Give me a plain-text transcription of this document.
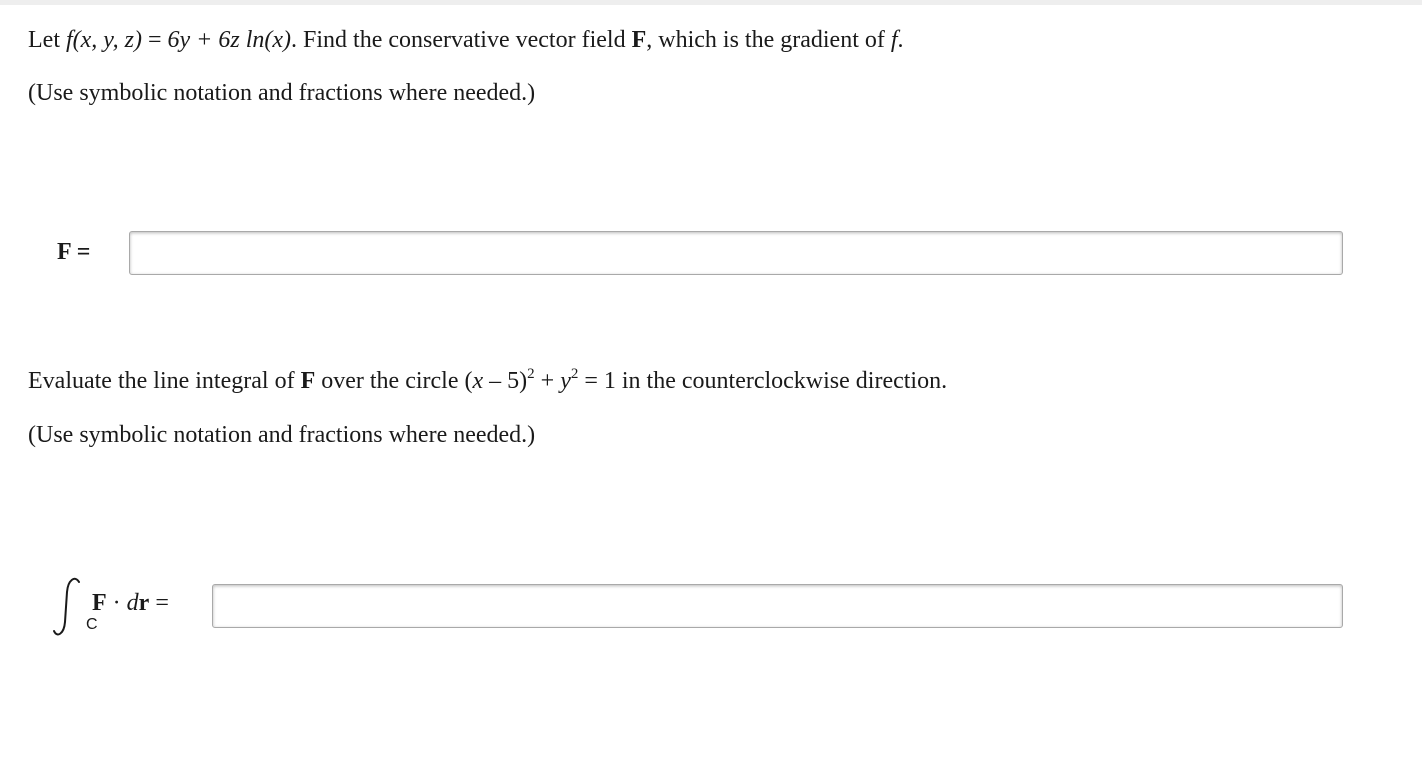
Let f(x, y, z) = 6y + 6z ln(x). Find the conservative vector field F, which is the gradient of f.
(Use symbolic notation and fractions where needed.)
F =
Evaluate the line integral of F over the circle $(x - 5)^2 + y^2 = 1$ in the counterclockwise direction.
(Use symbolic notation and fractions where needed.)
C
F · dr =
